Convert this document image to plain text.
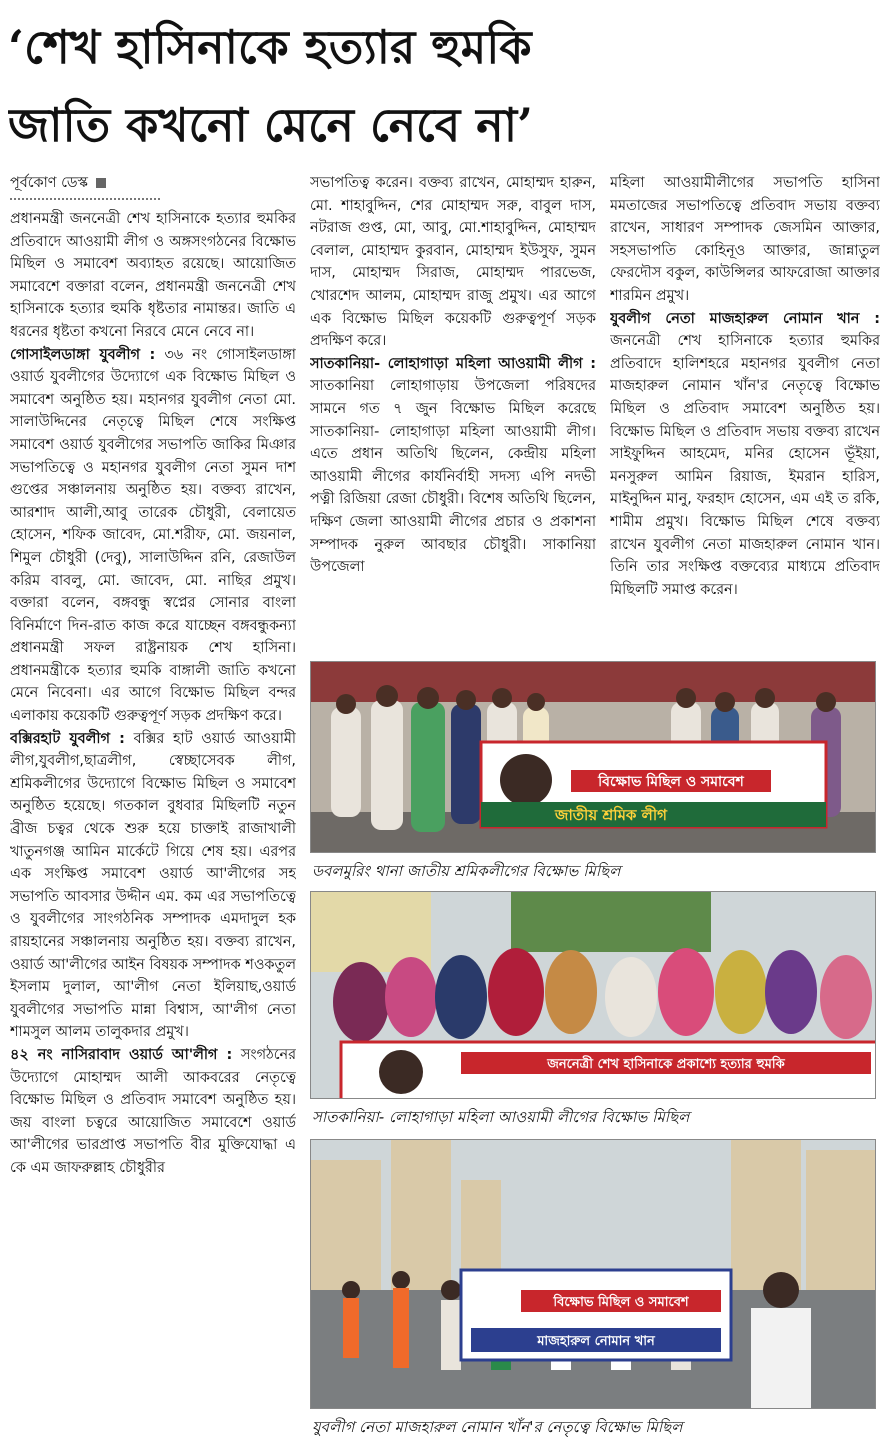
‘শেখ হাসিনাকে হত্যার হুমকি
জাতি কখনো মেনে নেবে না’
পূর্বকোণ ডেস্ক

প্রধানমন্ত্রী জননেত্রী শেখ হাসিনাকে হত্যার হুমকির প্রতিবাদে আওয়ামী লীগ ও অঙ্গসংগঠনের বিক্ষোভ মিছিল ও সমাবেশ অব্যাহত রয়েছে। আয়োজিত সমাবেশে বক্তারা বলেন, প্রধানমন্ত্রী জননেত্রী শেখ হাসিনাকে হত্যার হুমকি ধৃষ্টতার নামান্তর। জাতি এ ধরনের ধৃষ্টতা কখনো নিরবে মেনে নেবে না।

গোসাইলডাঙ্গা যুবলীগ : ৩৬ নং গোসাইলডাঙ্গা ওয়ার্ড যুবলীগের উদ্যোগে এক বিক্ষোভ মিছিল ও সমাবেশ অনুষ্ঠিত হয়। মহানগর যুবলীগ নেতা মো. সালাউদ্দিনের নেতৃত্বে মিছিল শেষে সংক্ষিপ্ত সমাবেশ ওয়ার্ড যুবলীগের সভাপতি জাকির মিঞার সভাপতিত্বে ও মহানগর যুবলীগ নেতা সুমন দাশ গুপ্তের সঞ্চালনায় অনুষ্ঠিত হয়। বক্তব্য রাখেন, আরশাদ আলী,আবু তারেক চৌধুরী, বেলায়েত হোসেন, শফিক জাবেদ, মো.শরীফ, মো. জয়নাল, শিমুল চৌধুরী (দেবু), সালাউদ্দিন রনি, রেজাউল করিম বাবলু, মো. জাবেদ, মো. নাছির প্রমুখ। বক্তারা বলেন, বঙ্গবন্ধু স্বপ্নের সোনার বাংলা বিনির্মাণে দিন-রাত কাজ করে যাচ্ছেন বঙ্গবন্ধুকন্যা প্রধানমন্ত্রী সফল রাষ্ট্রনায়ক শেখ হাসিনা। প্রধানমন্ত্রীকে হত্যার হুমকি বাঙ্গালী জাতি কখনো মেনে নিবেনা। এর আগে বিক্ষোভ মিছিল বন্দর এলাকায় কয়েকটি গুরুত্বপূর্ণ সড়ক প্রদক্ষিণ করে।

বক্সিরহাট যুবলীগ : বক্সির হাট ওয়ার্ড আওয়ামী লীগ,যুবলীগ,ছাত্রলীগ, স্বেচ্ছাসেবক লীগ, শ্রমিকলীগের উদ্যোগে বিক্ষোভ মিছিল ও সমাবেশ অনুষ্ঠিত হয়েছে। গতকাল বুধবার মিছিলটি নতুন ব্রীজ চত্বর থেকে শুরু হয়ে চাক্তাই রাজাখালী খাতুনগঞ্জ আমিন মার্কেটে গিয়ে শেষ হয়। এরপর এক সংক্ষিপ্ত সমাবেশ ওয়ার্ড আ'লীগের সহ সভাপতি আবসার উদ্দীন এম. কম এর সভাপতিত্বে ও যুবলীগের সাংগঠনিক সম্পাদক এমদাদুল হক রায়হানের সঞ্চালনায় অনুষ্ঠিত হয়। বক্তব্য রাখেন, ওয়ার্ড আ'লীগের আইন বিষয়ক সম্পাদক শওকতুল ইসলাম দুলাল, আ'লীগ নেতা ইলিয়াছ,ওয়ার্ড যুবলীগের সভাপতি মান্না বিশ্বাস, আ'লীগ নেতা শামসুল আলম তালুকদার প্রমুখ।

৪২ নং নাসিরাবাদ ওয়ার্ড আ'লীগ : সংগঠনের উদ্যোগে মোহাম্মদ আলী আকবরের নেতৃত্বে বিক্ষোভ মিছিল ও প্রতিবাদ সমাবেশ অনুষ্ঠিত হয়। জয় বাংলা চত্বরে আয়োজিত সমাবেশে ওয়ার্ড আ'লীগের ভারপ্রাপ্ত সভাপতি বীর মুক্তিযোদ্ধা এ কে এম জাফরুল্লাহ চৌধুরীর

সভাপতিত্ব করেন। বক্তব্য রাখেন, মোহাম্মদ হারুন, মো. শাহাবুদ্দিন, শের মোহাম্মদ সরু, বাবুল দাস, নটরাজ গুপ্ত, মো, আবু, মো.শাহাবুদ্দিন, মোহাম্মদ বেলাল, মোহাম্মদ কুরবান, মোহাম্মদ ইউসুফ, সুমন দাস, মোহাম্মদ সিরাজ, মোহাম্মদ পারভেজ, খোরশেদ আলম, মোহাম্মদ রাজু প্রমুখ। এর আগে এক বিক্ষোভ মিছিল কয়েকটি গুরুত্বপূর্ণ সড়ক প্রদক্ষিণ করে।

সাতকানিয়া- লোহাগাড়া মহিলা আওয়ামী লীগ : সাতকানিয়া লোহাগাড়ায় উপজেলা পরিষদের সামনে গত ৭ জুন বিক্ষোভ মিছিল করেছে সাতকানিয়া- লোহাগাড়া মহিলা আওয়ামী লীগ। এতে প্রধান অতিথি ছিলেন, কেন্দ্রীয় মহিলা আওয়ামী লীগের কার্যনির্বাহী সদস্য এপি নদভী পত্নী রিজিয়া রেজা চৌধুরী। বিশেষ অতিথি ছিলেন, দক্ষিণ জেলা আওয়ামী লীগের প্রচার ও প্রকাশনা সম্পাদক নুরুল আবছার চৌধুরী। সাকানিয়া উপজেলা

মহিলা আওয়ামীলীগের সভাপতি হাসিনা মমতাজের সভাপতিত্বে প্রতিবাদ সভায় বক্তব্য রাখেন, সাধারণ সম্পাদক জেসমিন আক্তার, সহসভাপতি কোহিনূও আক্তার, জান্নাতুল ফেরদৌস বকুল, কাউন্সিলর আফরোজা আক্তার শারমিন প্রমুখ।

যুবলীগ নেতা মাজহারুল নোমান খান : জননেত্রী শেখ হাসিনাকে হত্যার হুমকির প্রতিবাদে হালিশহরে মহানগর যুবলীগ নেতা মাজহারুল নোমান খাঁন'র নেতৃত্বে বিক্ষোভ মিছিল ও প্রতিবাদ সমাবেশ অনুষ্ঠিত হয়। বিক্ষোভ মিছিল ও প্রতিবাদ সভায় বক্তব্য রাখেন সাইফুদ্দিন আহমেদ, মনির হোসেন ভূঁইয়া, মনসুরুল আমিন রিয়াজ, ইমরান হারিস, মাইনুদ্দিন মানু, ফরহাদ হোসেন, এম এই ত রকি, শামীম প্রমুখ। বিক্ষোভ মিছিল শেষে বক্তব্য রাখেন যুবলীগ নেতা মাজহারুল নোমান খান। তিনি তার সংক্ষিপ্ত বক্তব্যের মাধ্যমে প্রতিবাদ মিছিলটি সমাপ্ত করেন।

বিক্ষোভ মিছিল ও সমাবেশ
জাতীয় শ্রমিক লীগ
ডবলমুরিং থানা জাতীয় শ্রমিকলীগের বিক্ষোভ মিছিল
জননেত্রী শেখ হাসিনাকে প্রকাশ্যে হত্যার হুমকি
সাতকানিয়া- লোহাগাড়া মহিলা আওয়ামী লীগের বিক্ষোভ মিছিল
বিক্ষোভ মিছিল ও সমাবেশ
মাজহারুল নোমান খান
যুবলীগ নেতা মাজহারুল নোমান খাঁন'র নেতৃত্বে বিক্ষোভ মিছিল
